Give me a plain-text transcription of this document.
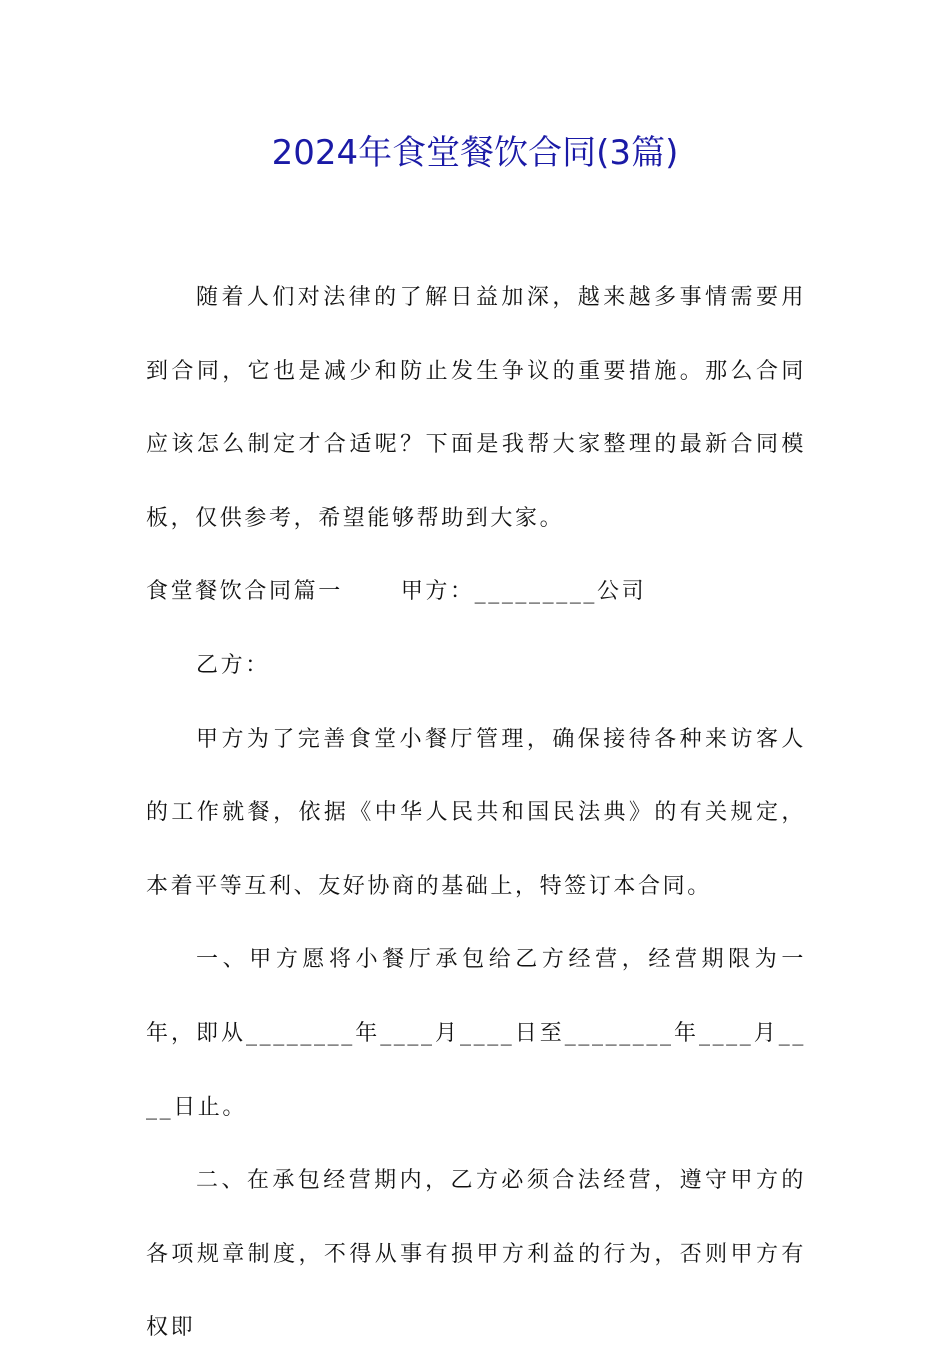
2024年食堂餐饮合同(3篇)

随着人们对法律的了解日益加深，越来越多事情需要用到合同，它也是减少和防止发生争议的重要措施。那么合同应该怎么制定才合适呢？下面是我帮大家整理的最新合同模板，仅供参考，希望能够帮助到大家。

食堂餐饮合同篇一	甲方：_________公司

乙方：

甲方为了完善食堂小餐厅管理，确保接待各种来访客人的工作就餐，依据《中华人民共和国民法典》的有关规定，本着平等互利、友好协商的基础上，特签订本合同。

一、甲方愿将小餐厅承包给乙方经营，经营期限为一年，即从________年____月____日至________年____月____日止。

二、在承包经营期内，乙方必须合法经营，遵守甲方的各项规章制度，不得从事有损甲方利益的行为，否则甲方有权即
